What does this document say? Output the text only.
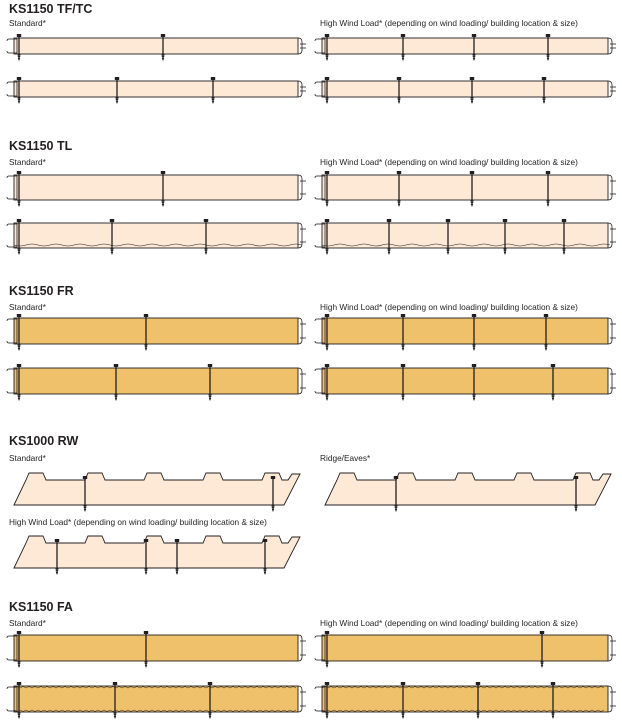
KS1150 TF/TC
Standard*	High Wind Load* (depending on wind loading/ building location & size)
KS1150 TL
Standard*	High Wind Load* (depending on wind loading/ building location & size)
KS1150 FR
Standard*	High Wind Load* (depending on wind loading/ building location & size)
KS1000 RW
Standard*	Ridge/Eaves*
High Wind Load* (depending on wind loading/ building location & size)
KS1150 FA
Standard*	High Wind Load* (depending on wind loading/ building location & size)
